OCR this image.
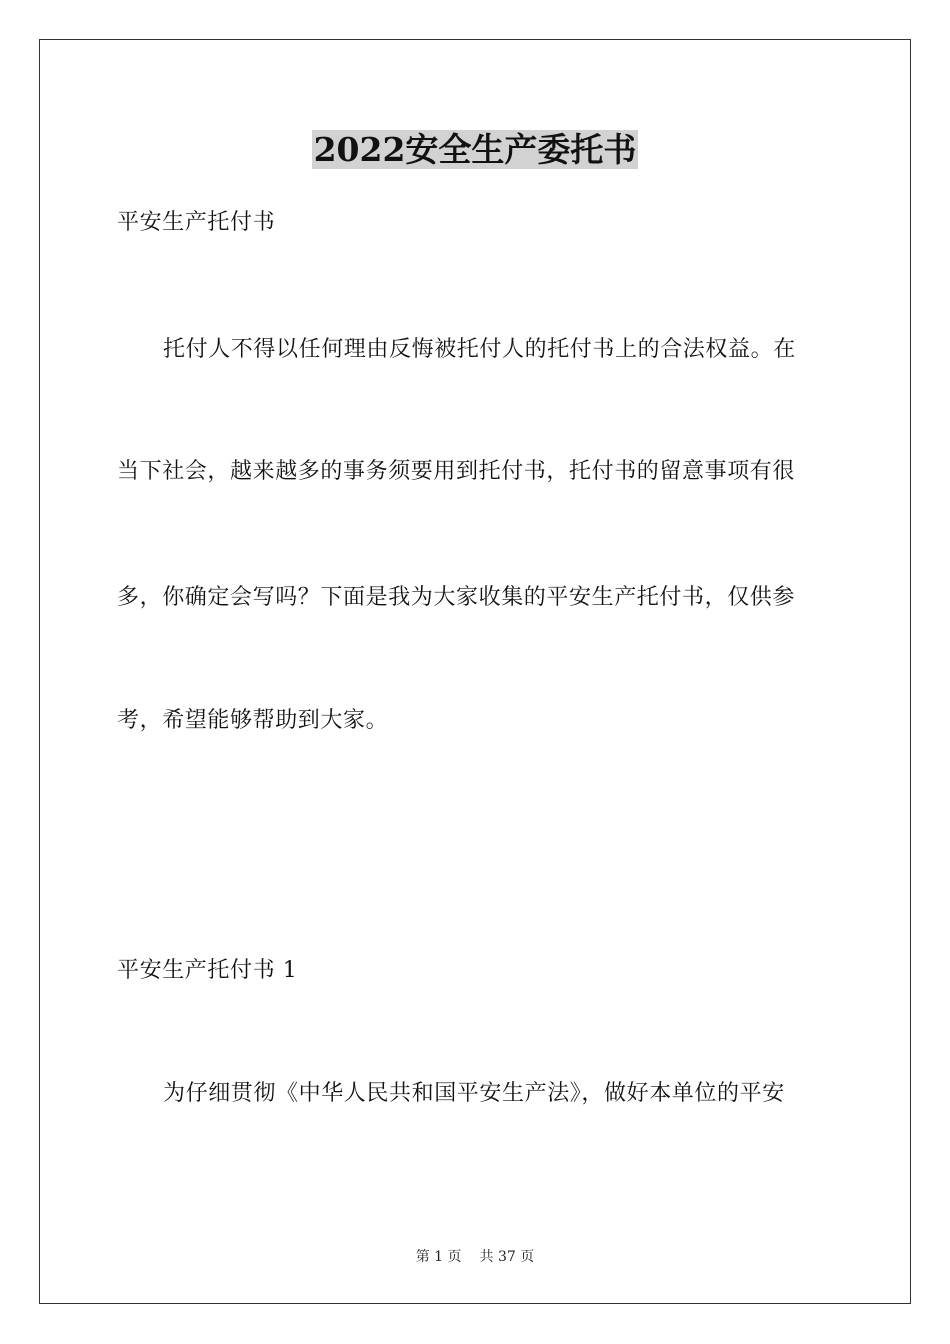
2022安全生产委托书
平安生产托付书
托付人不得以任何理由反悔被托付人的托付书上的合法权益。在
当下社会，越来越多的事务须要用到托付书，托付书的留意事项有很
多，你确定会写吗？下面是我为大家收集的平安生产托付书，仅供参
考，希望能够帮助到大家。
平安生产托付书 1
为仔细贯彻《中华人民共和国平安生产法》，做好本单位的平安
第 1 页 共 37 页
